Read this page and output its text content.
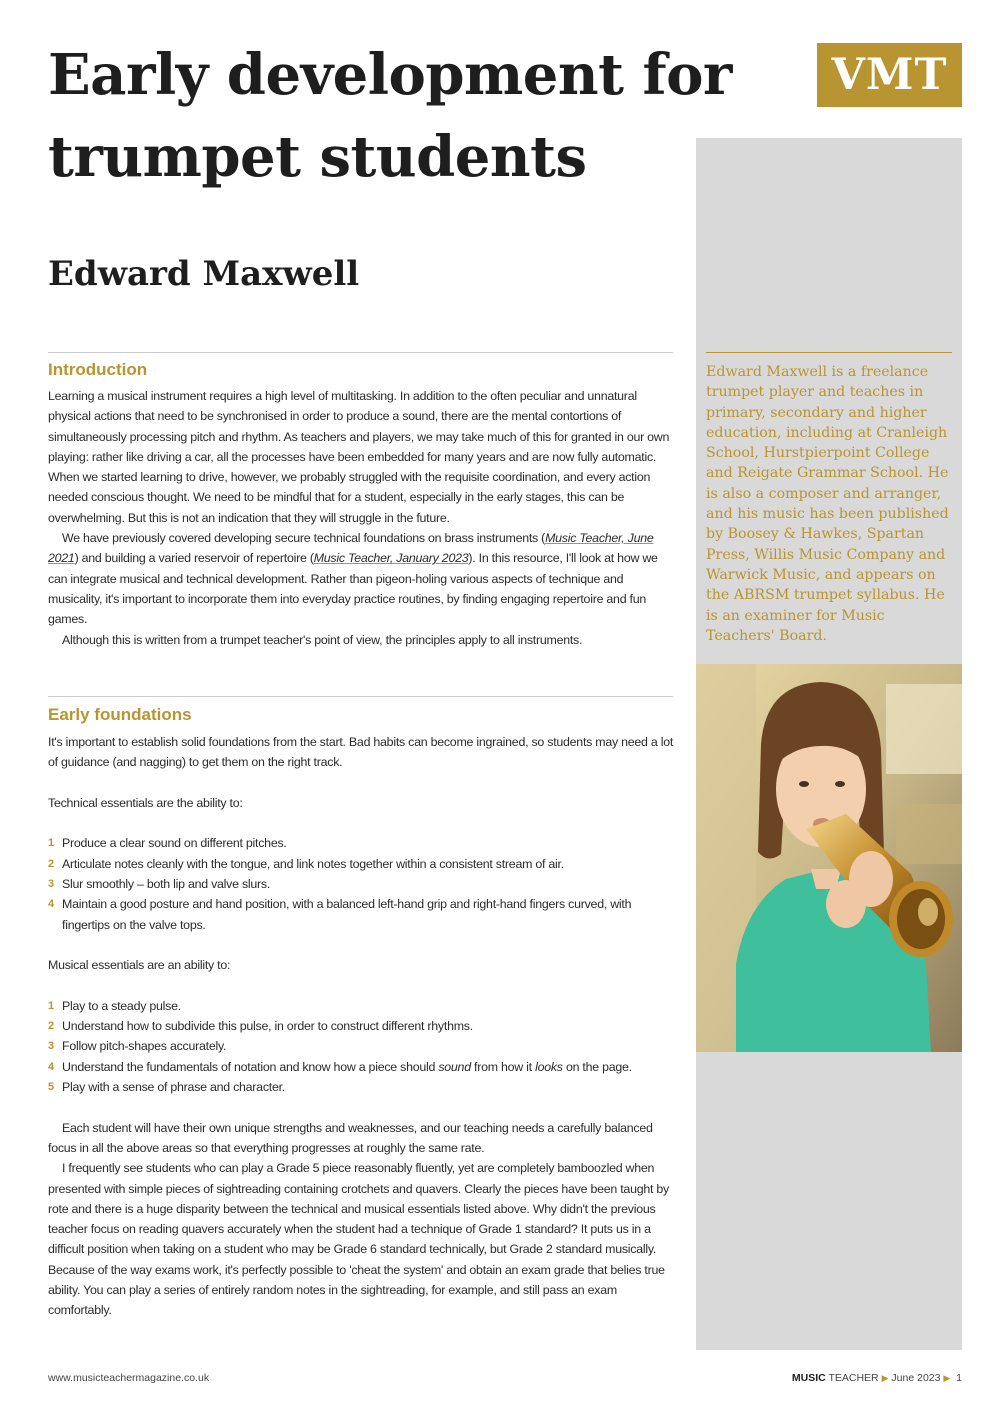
Early development for trumpet students
VMT
Edward Maxwell

Edward Maxwell is a freelance trumpet player and teaches in primary, secondary and higher education, including at Cranleigh School, Hurstpierpoint College and Reigate Grammar School. He is also a composer and arranger, and his music has been published by Boosey & Hawkes, Spartan Press, Willis Music Company and Warwick Music, and appears on the ABRSM trumpet syllabus. He is an examiner for Music Teachers' Board.

Introduction

Learning a musical instrument requires a high level of multitasking. In addition to the often peculiar and unnatural physical actions that need to be synchronised in order to produce a sound, there are the mental contortions of simultaneously processing pitch and rhythm. As teachers and players, we may take much of this for granted in our own playing: rather like driving a car, all the processes have been embedded for many years and are now fully automatic. When we started learning to drive, however, we probably struggled with the requisite coordination, and every action needed conscious thought. We need to be mindful that for a student, especially in the early stages, this can be overwhelming. But this is not an indication that they will struggle in the future.

We have previously covered developing secure technical foundations on brass instruments (Music Teacher, June 2021) and building a varied reservoir of repertoire (Music Teacher, January 2023). In this resource, I'll look at how we can integrate musical and technical development. Rather than pigeon-holing various aspects of technique and musicality, it's important to incorporate them into everyday practice routines, by finding engaging repertoire and fun games.

Although this is written from a trumpet teacher's point of view, the principles apply to all instruments.

Early foundations

It's important to establish solid foundations from the start. Bad habits can become ingrained, so students may need a lot of guidance (and nagging) to get them on the right track.

Technical essentials are the ability to:

1 Produce a clear sound on different pitches.
2 Articulate notes cleanly with the tongue, and link notes together within a consistent stream of air.
3 Slur smoothly – both lip and valve slurs.
4 Maintain a good posture and hand position, with a balanced left-hand grip and right-hand fingers curved, with fingertips on the valve tops.

Musical essentials are an ability to:

1 Play to a steady pulse.
2 Understand how to subdivide this pulse, in order to construct different rhythms.
3 Follow pitch-shapes accurately.
4 Understand the fundamentals of notation and know how a piece should sound from how it looks on the page.
5 Play with a sense of phrase and character.

Each student will have their own unique strengths and weaknesses, and our teaching needs a carefully balanced focus in all the above areas so that everything progresses at roughly the same rate.

I frequently see students who can play a Grade 5 piece reasonably fluently, yet are completely bamboozled when presented with simple pieces of sightreading containing crotchets and quavers. Clearly the pieces have been taught by rote and there is a huge disparity between the technical and musical essentials listed above. Why didn't the previous teacher focus on reading quavers accurately when the student had a technique of Grade 1 standard? It puts us in a difficult position when taking on a student who may be Grade 6 standard technically, but Grade 2 standard musically. Because of the way exams work, it's perfectly possible to 'cheat the system' and obtain an exam grade that belies true ability. You can play a series of entirely random notes in the sightreading, for example, and still pass an exam comfortably.

www.musicteachermagazine.co.uk	MUSIC TEACHER ▶ June 2023 ▶ 1
